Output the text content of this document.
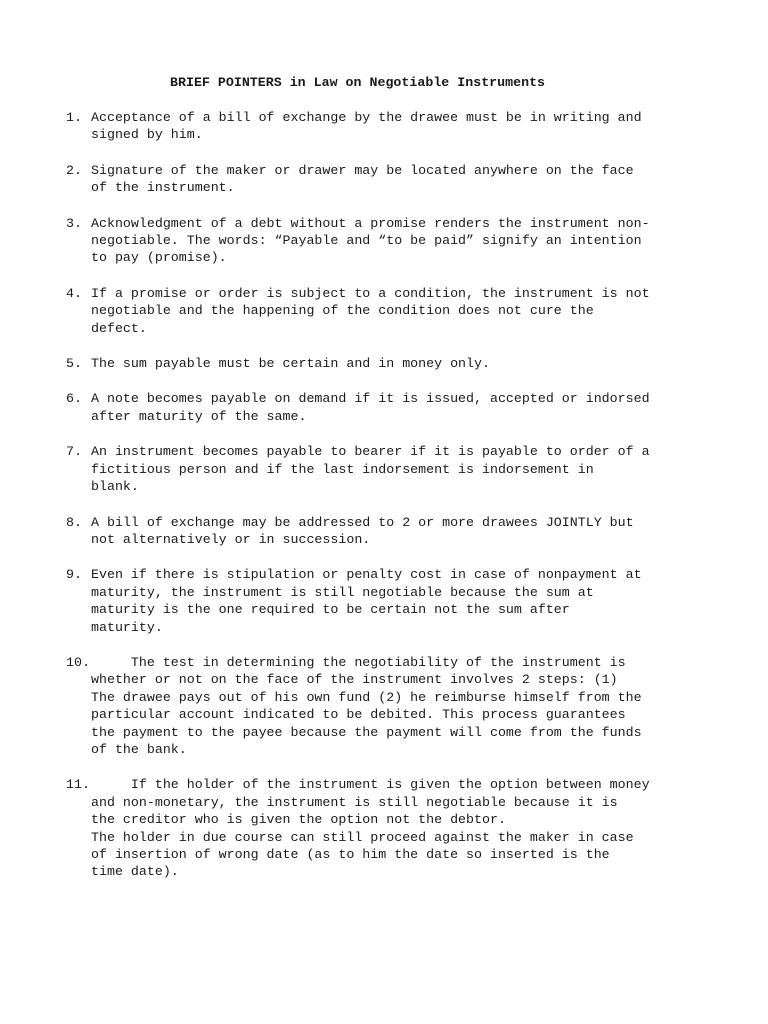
BRIEF POINTERS in Law on Negotiable Instruments
1. Acceptance of a bill of exchange by the drawee must be in writing and
signed by him.
2. Signature of the maker or drawer may be located anywhere on the face
of the instrument.
3. Acknowledgment of a debt without a promise renders the instrument non-
negotiable. The words: “Payable and “to be paid” signify an intention
to pay (promise).
4. If a promise or order is subject to a condition, the instrument is not
negotiable and the happening of the condition does not cure the
defect.
5. The sum payable must be certain and in money only.
6. A note becomes payable on demand if it is issued, accepted or indorsed
after maturity of the same.
7. An instrument becomes payable to bearer if it is payable to order of a
fictitious person and if the last indorsement is indorsement in
blank.
8. A bill of exchange may be addressed to 2 or more drawees JOINTLY but
not alternatively or in succession.
9. Even if there is stipulation or penalty cost in case of nonpayment at
maturity, the instrument is still negotiable because the sum at
maturity is the one required to be certain not the sum after
maturity.
10. The test in determining the negotiability of the instrument is
whether or not on the face of the instrument involves 2 steps: (1)
The drawee pays out of his own fund (2) he reimburse himself from the
particular account indicated to be debited. This process guarantees
the payment to the payee because the payment will come from the funds
of the bank.
11. If the holder of the instrument is given the option between money
and non-monetary, the instrument is still negotiable because it is
the creditor who is given the option not the debtor.
The holder in due course can still proceed against the maker in case
of insertion of wrong date (as to him the date so inserted is the
time date).
